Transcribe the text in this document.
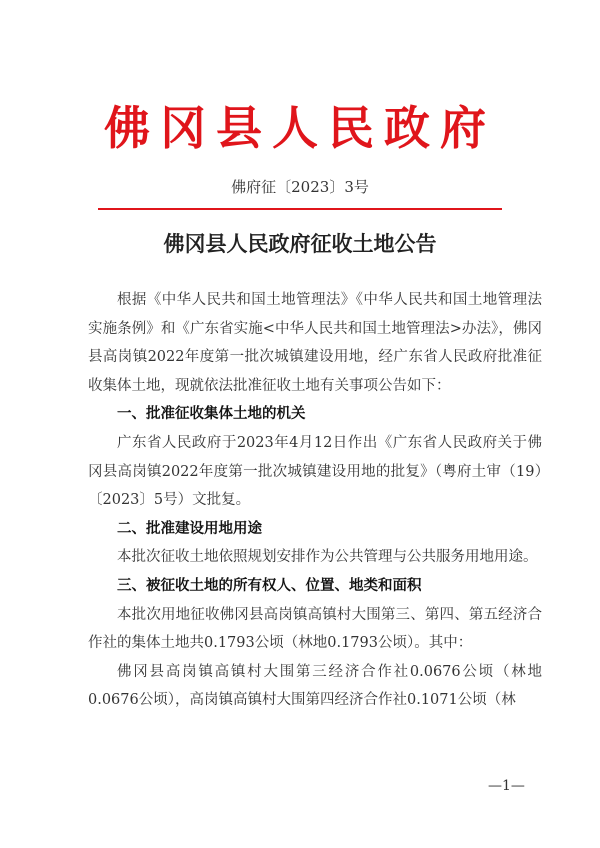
佛冈县人民政府
佛府征〔2023〕3号
佛冈县人民政府征收土地公告

根据《中华人民共和国土地管理法》《中华人民共和国土地管理法实施条例》和《广东省实施<中华人民共和国土地管理法>办法》，佛冈县高岗镇2022年度第一批次城镇建设用地，经广东省人民政府批准征收集体土地，现就依法批准征收土地有关事项公告如下：

一、批准征收集体土地的机关

广东省人民政府于2023年4月12日作出《广东省人民政府关于佛冈县高岗镇2022年度第一批次城镇建设用地的批复》（粤府土审（19）〔2023〕5号）文批复。

二、批准建设用地用途

本批次征收土地依照规划安排作为公共管理与公共服务用地用途。

三、被征收土地的所有权人、位置、地类和面积

本批次用地征收佛冈县高岗镇高镇村大围第三、第四、第五经济合作社的集体土地共0.1793公顷（林地0.1793公顷）。其中：

佛冈县高岗镇高镇村大围第三经济合作社0.0676公顷（林地0.0676公顷），高岗镇高镇村大围第四经济合作社0.1071公顷（林

—1—
